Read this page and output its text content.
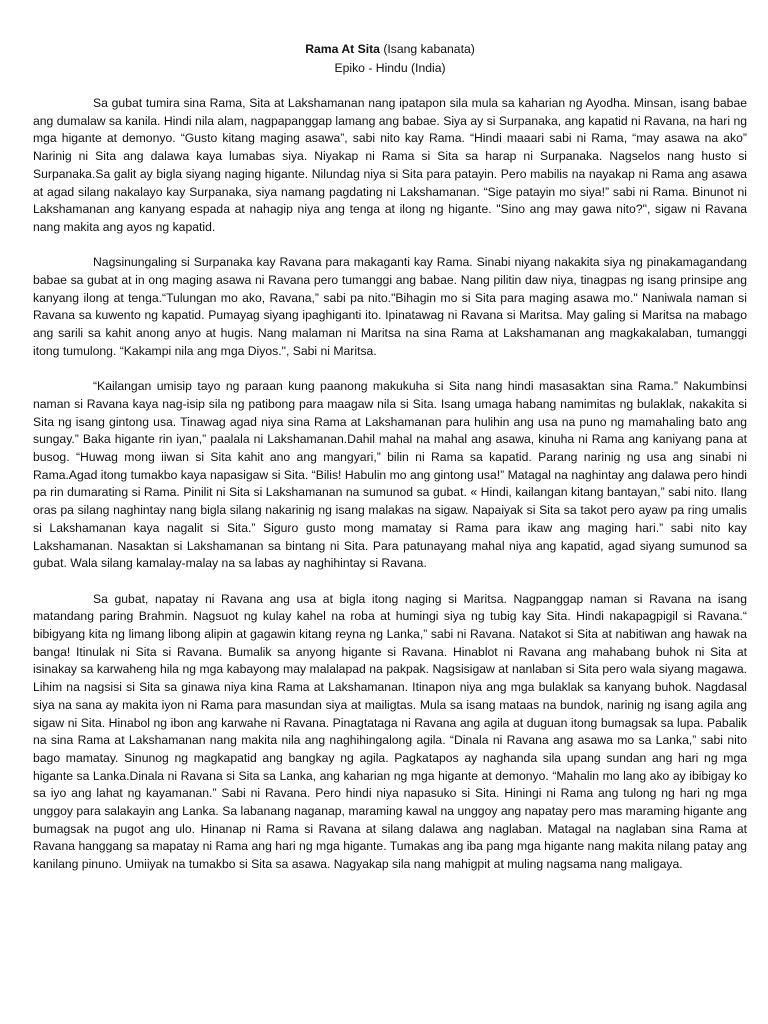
Rama At Sita (Isang kabanata)
Epiko - Hindu (India)

Sa gubat tumira sina Rama, Sita at Lakshamanan nang ipatapon sila mula sa kaharian ng Ayodha. Minsan, isang babae ang dumalaw sa kanila. Hindi nila alam, nagpapanggap lamang ang babae. Siya ay si Surpanaka, ang kapatid ni Ravana, na hari ng mga higante at demonyo. “Gusto kitang maging asawa”, sabi nito kay Rama. “Hindi maaari sabi ni Rama, “may asawa na ako” Narinig ni Sita ang dalawa kaya lumabas siya. Niyakap ni Rama si Sita sa harap ni Surpanaka. Nagselos nang husto si Surpanaka.Sa galit ay bigla siyang naging higante. Nilundag niya si Sita para patayin. Pero mabilis na nayakap ni Rama ang asawa at agad silang nakalayo kay Surpanaka, siya namang pagdating ni Lakshamanan. “Sige patayin mo siya!” sabi ni Rama. Binunot ni Lakshamanan ang kanyang espada at nahagip niya ang tenga at ilong ng higante. "Sino ang may gawa nito?", sigaw ni Ravana nang makita ang ayos ng kapatid.

Nagsinungaling si Surpanaka kay Ravana para makaganti kay Rama. Sinabi niyang nakakita siya ng pinakamagandang babae sa gubat at in ong maging asawa ni Ravana pero tumanggi ang babae. Nang pilitin daw niya, tinagpas ng isang prinsipe ang kanyang ilong at tenga.“Tulungan mo ako, Ravana,” sabi pa nito."Bihagin mo si Sita para maging asawa mo." Naniwala naman si Ravana sa kuwento ng kapatid. Pumayag siyang ipaghiganti ito. Ipinatawag ni Ravana si Maritsa. May galing si Maritsa na mabago ang sarili sa kahit anong anyo at hugis. Nang malaman ni Maritsa na sina Rama at Lakshamanan ang magkakalaban, tumanggi itong tumulong. “Kakampi nila ang mga Diyos.", Sabi ni Maritsa.

“Kailangan umisip tayo ng paraan kung paanong makukuha si Sita nang hindi masasaktan sina Rama.” Nakumbinsi naman si Ravana kaya nag-isip sila ng patibong para maagaw nila si Sita. Isang umaga habang namimitas ng bulaklak, nakakita si Sita ng isang gintong usa. Tinawag agad niya sina Rama at Lakshamanan para hulihin ang usa na puno ng mamahaling bato ang sungay.” Baka higante rin iyan,” paalala ni Lakshamanan.Dahil mahal na mahal ang asawa, kinuha ni Rama ang kaniyang pana at busog. “Huwag mong iiwan si Sita kahit ano ang mangyari,” bilin ni Rama sa kapatid. Parang narinig ng usa ang sinabi ni Rama.Agad itong tumakbo kaya napasigaw si Sita. “Bilis! Habulin mo ang gintong usa!” Matagal na naghintay ang dalawa pero hindi pa rin dumarating si Rama. Pinilit ni Sita si Lakshamanan na sumunod sa gubat. « Hindi, kailangan kitang bantayan,” sabi nito. Ilang oras pa silang naghintay nang bigla silang nakarinig ng isang malakas na sigaw. Napaiyak si Sita sa takot pero ayaw pa ring umalis si Lakshamanan kaya nagalit si Sita.” Siguro gusto mong mamatay si Rama para ikaw ang maging hari.” sabi nito kay Lakshamanan. Nasaktan si Lakshamanan sa bintang ni Sita. Para patunayang mahal niya ang kapatid, agad siyang sumunod sa gubat. Wala silang kamalay-malay na sa labas ay naghihintay si Ravana.

Sa gubat, napatay ni Ravana ang usa at bigla itong naging si Maritsa. Nagpanggap naman si Ravana na isang matandang paring Brahmin. Nagsuot ng kulay kahel na roba at humingi siya ng tubig kay Sita. Hindi nakapagpigil si Ravana.“ bibigyang kita ng limang libong alipin at gagawin kitang reyna ng Lanka,” sabi ni Ravana. Natakot si Sita at nabitiwan ang hawak na banga! Itinulak ni Sita si Ravana. Bumalik sa anyong higante si Ravana. Hinablot ni Ravana ang mahabang buhok ni Sita at isinakay sa karwaheng hila ng mga kabayong may malalapad na pakpak. Nagsisigaw at nanlaban si Sita pero wala siyang magawa. Lihim na nagsisi si Sita sa ginawa niya kina Rama at Lakshamanan. Itinapon niya ang mga bulaklak sa kanyang buhok. Nagdasal siya na sana ay makita iyon ni Rama para masundan siya at mailigtas. Mula sa isang mataas na bundok, narinig ng isang agila ang sigaw ni Sita. Hinabol ng ibon ang karwahe ni Ravana. Pinagtataga ni Ravana ang agila at duguan itong bumagsak sa lupa. Pabalik na sina Rama at Lakshamanan nang makita nila ang naghihingalong agila. “Dinala ni Ravana ang asawa mo sa Lanka,” sabi nito bago mamatay. Sinunog ng magkapatid ang bangkay ng agila. Pagkatapos ay naghanda sila upang sundan ang hari ng mga higante sa Lanka.Dinala ni Ravana si Sita sa Lanka, ang kaharian ng mga higante at demonyo. “Mahalin mo lang ako ay ibibigay ko sa iyo ang lahat ng kayamanan.” Sabi ni Ravana. Pero hindi niya napasuko si Sita. Hiningi ni Rama ang tulong ng hari ng mga unggoy para salakayin ang Lanka. Sa labanang naganap, maraming kawal na unggoy ang napatay pero mas maraming higante ang bumagsak na pugot ang ulo. Hinanap ni Rama si Ravana at silang dalawa ang naglaban. Matagal na naglaban sina Rama at Ravana hanggang sa mapatay ni Rama ang hari ng mga higante. Tumakas ang iba pang mga higante nang makita nilang patay ang kanilang pinuno. Umiiyak na tumakbo si Sita sa asawa. Nagyakap sila nang mahigpit at muling nagsama nang maligaya.
